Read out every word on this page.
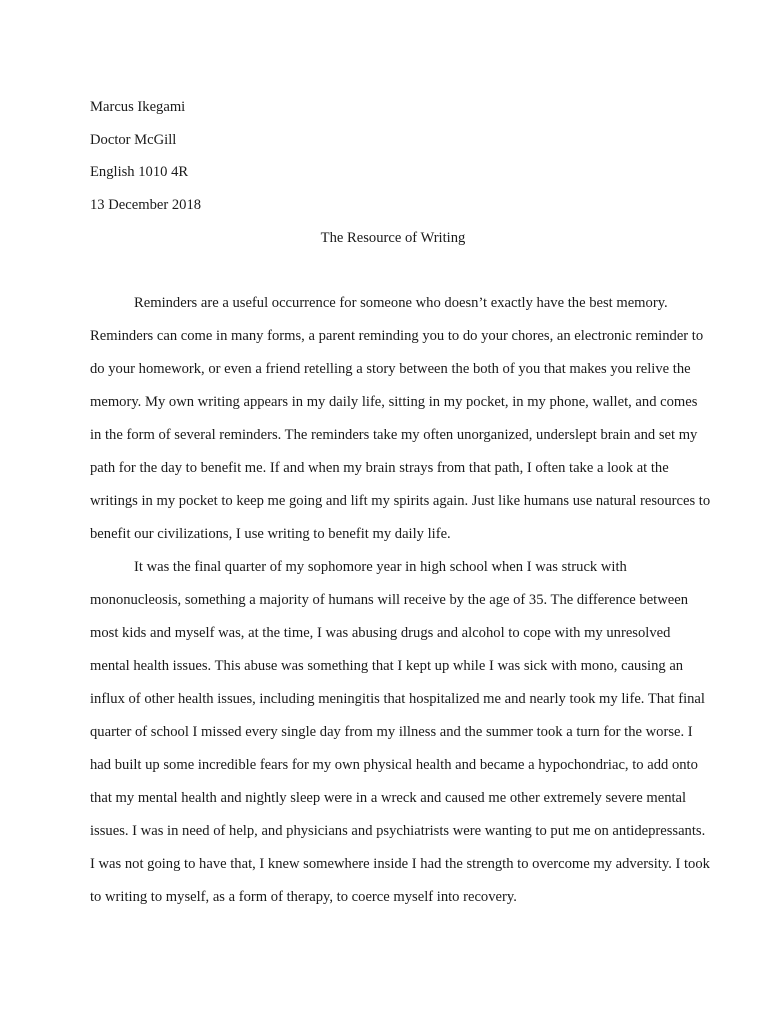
Marcus Ikegami

Doctor McGill

English 1010 4R

13 December 2018

The Resource of Writing

Reminders are a useful occurrence for someone who doesn’t exactly have the best memory.
Reminders can come in many forms, a parent reminding you to do your chores, an electronic reminder to
do your homework, or even a friend retelling a story between the both of you that makes you relive the
memory. My own writing appears in my daily life, sitting in my pocket, in my phone, wallet, and comes
in the form of several reminders. The reminders take my often unorganized, underslept brain and set my
path for the day to benefit me. If and when my brain strays from that path, I often take a look at the
writings in my pocket to keep me going and lift my spirits again. Just like humans use natural resources to
benefit our civilizations, I use writing to benefit my daily life.
It was the final quarter of my sophomore year in high school when I was struck with
mononucleosis, something a majority of humans will receive by the age of 35. The difference between
most kids and myself was, at the time, I was abusing drugs and alcohol to cope with my unresolved
mental health issues. This abuse was something that I kept up while I was sick with mono, causing an
influx of other health issues, including meningitis that hospitalized me and nearly took my life. That final
quarter of school I missed every single day from my illness and the summer took a turn for the worse. I
had built up some incredible fears for my own physical health and became a hypochondriac, to add onto
that my mental health and nightly sleep were in a wreck and caused me other extremely severe mental
issues. I was in need of help, and physicians and psychiatrists were wanting to put me on antidepressants.
I was not going to have that, I knew somewhere inside I had the strength to overcome my adversity. I took
to writing to myself, as a form of therapy, to coerce myself into recovery.
